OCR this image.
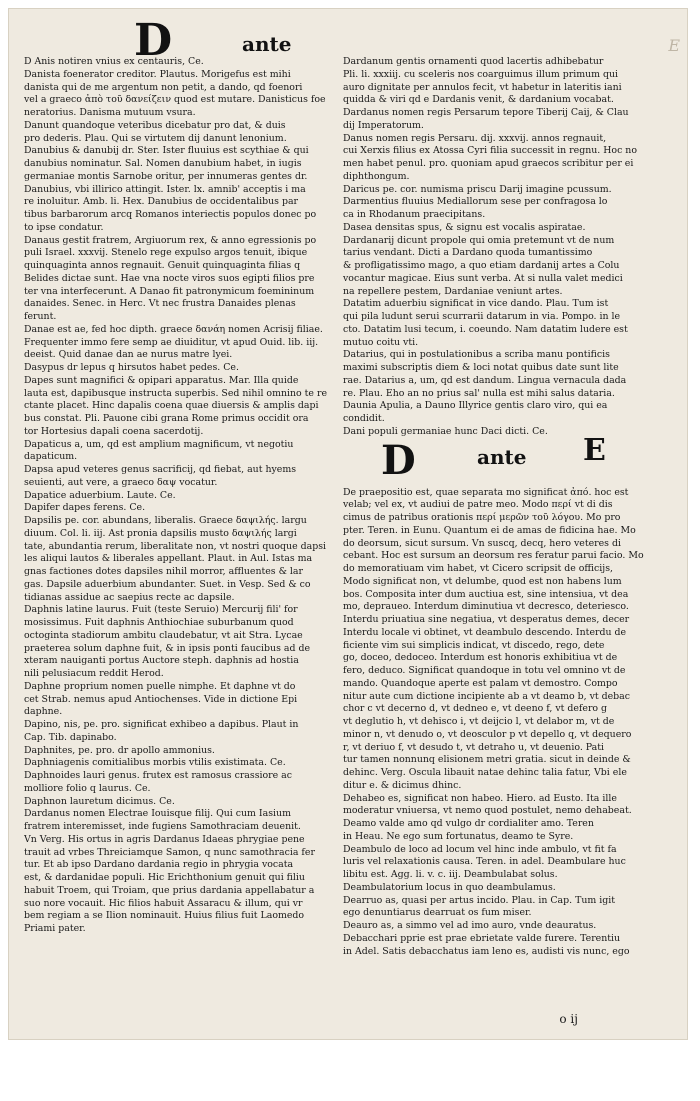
D	ante	E
D Anis notiren vnius ex centauris, Ce.
Danista foenerator creditor. Plautus. Morigefus est mihi
danista qui de me argentum non petit, a dando, qd foenori
vel a graeco ἀπὸ τοῦ δανείζειν quod est mutare. Danisticus foe
neratorius. Danisma mutuum vsura.
Danunt quandoque veteribus dicebatur pro dat, & duis
pro dederis. Plau. Qui se virtutem dij danunt lenonium.
Danubius & danubij dr. Ster. Ister fluuius est scythiae & qui
danubius nominatur. Sal. Nomen danubium habet, in iugis
germaniae montis Sarnobe oritur, per innumeras gentes dr.
Danubius, vbi illirico attingit. Ister. lx. amnib' acceptis i ma
re inoluitur. Amb. li. Hex. Danubius de occidentalibus par
tibus barbarorum arcq Romanos interiectis populos donec po
to ipse condatur.
Danaus gestit fratrem, Argiuorum rex, & anno egressionis po
puli Israel. xxxvij. Stenelo rege expulso argos tenuit, ibique
quinquaginta annos regnauit. Genuit quinquaginta filias q
Belides dictae sunt. Hae vna nocte viros suos egipti filios pre
ter vna interfecerunt. A Danao fit patronymicum foemininum
danaides. Senec. in Herc. Vt nec frustra Danaides plenas
ferunt.
Danae est ae, fed hoc dipth. graece δανάη nomen Acrisij filiae.
Frequenter immo fere semp ae diuiditur, vt apud Ouid. lib. iij.
deeist. Quid danae dan ae nurus matre lyei.
Dasypus dr lepus q hirsutos habet pedes. Ce.
Dapes sunt magnifici & opipari apparatus. Mar. Illa quide
lauta est, dapibusque instructa superbis. Sed nihil omnino te re
ctante placet. Hinc dapalis coena quae diuersis & amplis dapi
bus constat. Pli. Pauone cibi grana Rome primus occidit ora
tor Hortesius dapali coena sacerdotij.
Dapaticus a, um, qd est amplium magnificum, vt negotiu
dapaticum.
Dapsa apud veteres genus sacrificij, qd fiebat, aut hyems
seuienti, aut vere, a graeco δαψ vocatur.
Dapatice aduerbium. Laute. Ce.
Dapifer dapes ferens. Ce.
Dapsilis pe. cor. abundans, liberalis. Graece δαψιλής. largu
diuum. Col. li. iij. Ast pronia dapsilis musto δαψιλής largi
tate, abundantia rerum, liberalitate non, vt nostri quoque dapsi
les aliqui lautos & liberales appellant. Plaut. in Aul. Istas ma
gnas factiones dotes dapsiles nihil morror, affluentes & lar
gas. Dapsile aduerbium abundanter. Suet. in Vesp. Sed & co
tidianas assidue ac saepius recte ac dapsile.
Daphnis latine laurus. Fuit (teste Seruio) Mercurij fili' for
mosissimus. Fuit daphnis Anthiochiae suburbanum quod
octoginta stadiorum ambitu claudebatur, vt ait Stra. Lycae
praeterea solum daphne fuit, & in ipsis ponti faucibus ad de
xteram nauiganti portus Auctore steph. daphnis ad hostia
nili pelusiacum reddit Herod.
Daphne proprium nomen puelle nimphe. Et daphne vt do
cet Strab. nemus apud Antiochenses. Vide in dictione Epi
daphne.
Dapino, nis, pe. pro. significat exhibeo a dapibus. Plaut in
Cap. Tib. dapinabo.
Daphnites, pe. pro. dr apollo ammonius.
Daphniagenis comitialibus morbis vtilis existimata. Ce.
Daphnoides lauri genus. frutex est ramosus crassiore ac
molliore folio q laurus. Ce.
Daphnon lauretum dicimus. Ce.
Dardanus nomen Electrae Iouisque filij. Qui cum Iasium
fratrem interemisset, inde fugiens Samothraciam deuenit.
Vn Verg. His ortus in agris Dardanus Idaeas phrygiae pene
trauit ad vrbes Threiciamque Samon, q nunc samothracia fer
tur. Et ab ipso Dardano dardania regio in phrygia vocata
est, & dardanidae populi. Hic Erichthonium genuit qui filiu
habuit Troem, qui Troiam, que prius dardania appellabatur a
suo nore vocauit. Hic filios habuit Assaracu & illum, qui vr
bem regiam a se Ilion nominauit. Huius filius fuit Laomedo
Priami pater.
Dardanum gentis ornamenti quod lacertis adhibebatur
Pli. li. xxxiij. cu sceleris nos coarguimus illum primum qui
auro dignitate per annulos fecit, vt habetur in lateritis iani
quidda & viri qd e Dardanis venit, & dardanium vocabat.
Dardanus nomen regis Persarum teporе Tiberij Caij, & Clau
dij Imperatorum.
Danus nomen regis Persaru. dij. xxxvij. annos regnauit,
cui Xerxis filius ex Atossa Cyri filia successit in regnu. Hoc no
men habet penul. pro. quoniam apud graecos scribitur per ei
diphthongum.
Daricus pe. cor. numisma priscu Darij imagine pcussum.
Darmentius fluuius Mediallorum sese per confragosa lo
ca in Rhodanum praecipitans.
Dasea densitas spus, & signu est vocalis aspiratae.
Dardanarij dicunt propole qui omia pretemunt vt de num
tarius vendant. Dicti a Dardano quoda tumantissimo
& profligatissimo mago, a quo etiam dardanij artes a Colu
vocantur magicae. Eius sunt verba. At si nulla valet medici
na repellere pestem, Dardaniae veniunt artes.
Datatim aduerbiu significat in vice dando. Plau. Tum ist
qui pila ludunt serui scurrarii datarum in via. Pompo. in le
cto. Datatim lusi tecum, i. coeundo. Nam datatim ludere est
mutuo coitu vti.
Datarius, qui in postulationibus a scriba manu pontificis
maximi subscriptis diem & loci notat quibus date sunt lite
rae. Datarius a, um, qd est dandum. Lingua vernacula dada
re. Plau. Eho an no prius sal' nulla est mihi salus dataria.
Daunia Apulia, a Dauno Illyrice gentis claro viro, qui ea
condidit.
Dani populi germaniae hunc Daci dicti. Ce.
D	ante E
De praepositio est, quae separata mo significat ἀπό. hoc est
velab; vel ex, vt audiui de patre meo. Modo περί vt di dis
cimus de patribus orationis περί μερῶν τοῦ λόγου. Mo pro
pter. Teren. in Eunu. Quantum ei de amas de fidicina hae. Mo
do deorsum, sicut sursum. Vn suscq, decq, hero veteres di
cebant. Hoc est sursum an deorsum res feratur parui facio. Mo
do memoratiuam vim habet, vt Cicero scripsit de officijs,
Modo significat non, vt delumbe, quod est non habens lum
bos. Composita inter dum auctiua est, sine intensiua, vt dea
mo, depraueo. Interdum diminutiua vt decresco, deteriesco.
Interdu priuatiua sine negatiua, vt desperatus demes, decer
Interdu locale vi obtinet, vt deambulo descendo. Interdu de
ficiente vim sui simplicis indicat, vt discedo, rego, dete
go, doceo, dedoceo. Interdum est honoris exhibitiua vt de
fero, deduco. Significat quandoque in totu vel omnino vt de
mando. Quandoque aperte est palam vt demostro. Compo
nitur aute cum dictione incipiente ab a vt deamo b, vt debac
chor c vt decerno d, vt dedneo e, vt deeno f, vt defero g
vt deglutio h, vt dehisco i, vt deijcio l, vt delabor m, vt de
minor n, vt denudo o, vt deosculor p vt depello q, vt dequero
r, vt deriuo f, vt desudo t, vt detraho u, vt deuenio. Pati
tur tamen nonnunq elisionem metri gratia. sicut in deinde &
dehinc. Verg. Oscula libauit natae dehinc talia fatur, Vbi ele
ditur e. & dicimus dhinc.
Dehabeo es, significat non habeo. Hiero. ad Eusto. Ita ille
moderatur vniuersa, vt nemo quod postulet, nemo dehabeat.
Deamo valde amo qd vulgo dr cordialiter amo. Teren
in Heau. Ne ego sum fortunatus, deamo te Syre.
Deambulo de loco ad locum vel hinc inde ambulo, vt fit fa
luris vel relaxationis causa. Teren. in adel. Deambulare huc
libitu est. Agg. li. v. c. iij. Deambulabat solus.
Deambulatorium locus in quo deambulamus.
Dearruo as, quasi per artus incido. Plau. in Cap. Tum igit
ego denuntiarus dearruat os fum miser.
Deauro as, a simmo vel ad imo auro, vnde deauratus.
Debacchari pprie est prae ebrietate valde furere. Terentiu
in Adel. Satis debacchatus iam leno es, audisti vis nunc, ego
o ij
